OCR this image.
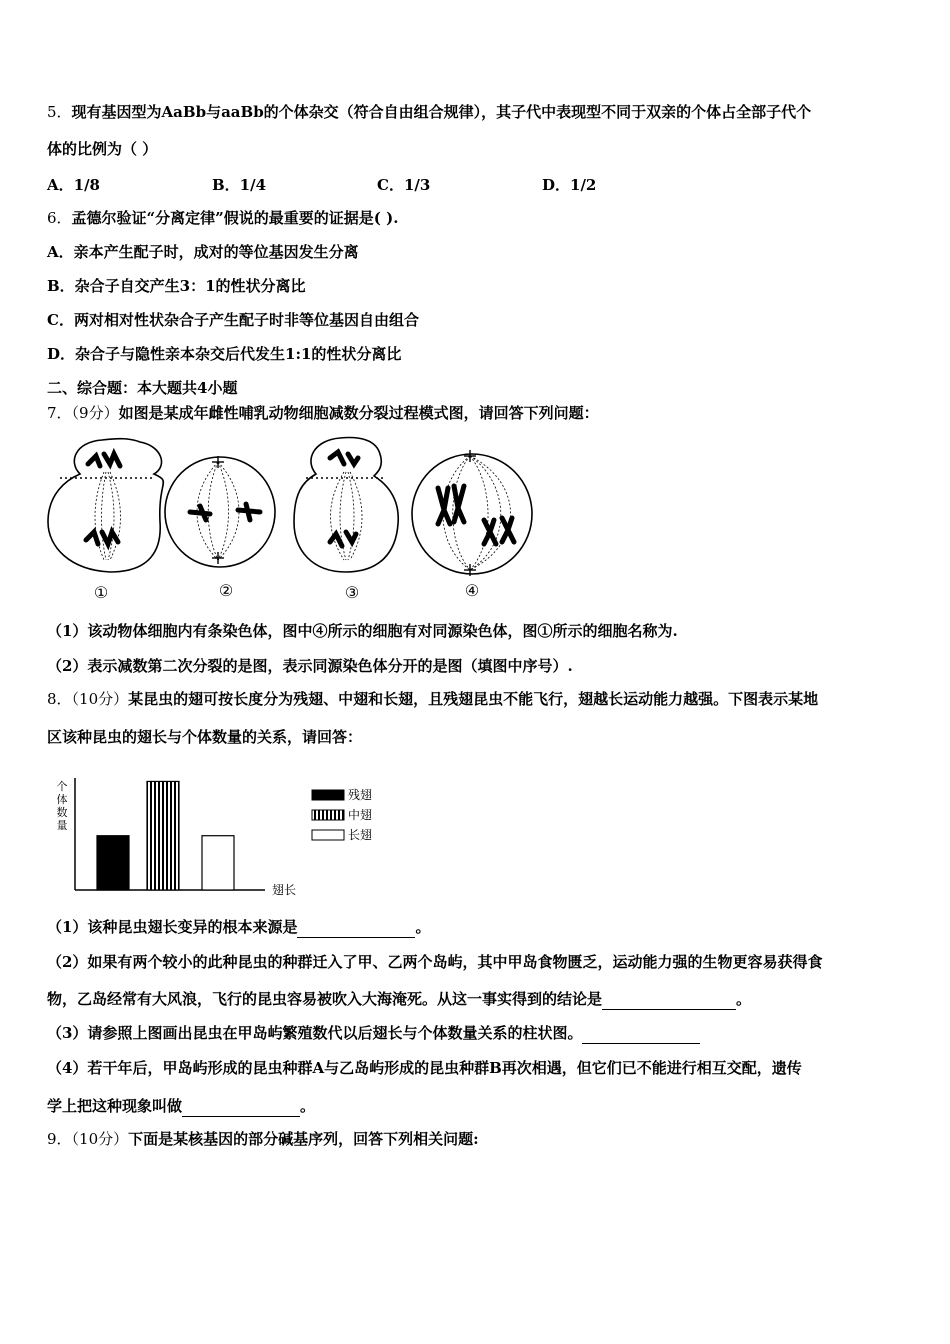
5．现有基因型为AaBb与aaBb的个体杂交（符合自由组合规律），其子代中表现型不同于双亲的个体占全部子代个
体的比例为（ ）
A．1/8	B．1/4	C．1/3	D．1/2
6．孟德尔验证“分离定律”假说的最重要的证据是( ).
A．亲本产生配子时，成对的等位基因发生分离
B．杂合子自交产生3：1的性状分离比
C．两对相对性状杂合子产生配子时非等位基因自由组合
D．杂合子与隐性亲本杂交后代发生1:1的性状分离比
二、综合题：本大题共4小题
7．（9分）如图是某成年雌性哺乳动物细胞减数分裂过程模式图，请回答下列问题：
①	②	③	④
（1）该动物体细胞内有条染色体，图中④所示的细胞有对同源染色体，图①所示的细胞名称为.
（2）表示减数第二次分裂的是图，表示同源染色体分开的是图（填图中序号）.
8．（10分）某昆虫的翅可按长度分为残翅、中翅和长翅，且残翅昆虫不能飞行，翅越长运动能力越强。下图表示某地
区该种昆虫的翅长与个体数量的关系，请回答：
个
体
数
量
翅长
残翅
中翅
长翅
（1）该种昆虫翅长变异的根本来源是	。
（2）如果有两个较小的此种昆虫的种群迁入了甲、乙两个岛屿，其中甲岛食物匮乏，运动能力强的生物更容易获得食
物，乙岛经常有大风浪，飞行的昆虫容易被吹入大海淹死。从这一事实得到的结论是	。
（3）请参照上图画出昆虫在甲岛屿繁殖数代以后翅长与个体数量关系的柱状图。
（4）若干年后，甲岛屿形成的昆虫种群A与乙岛屿形成的昆虫种群B再次相遇，但它们已不能进行相互交配，遗传
学上把这种现象叫做	。
9．（10分）下面是某核基因的部分碱基序列，回答下列相关问题:
